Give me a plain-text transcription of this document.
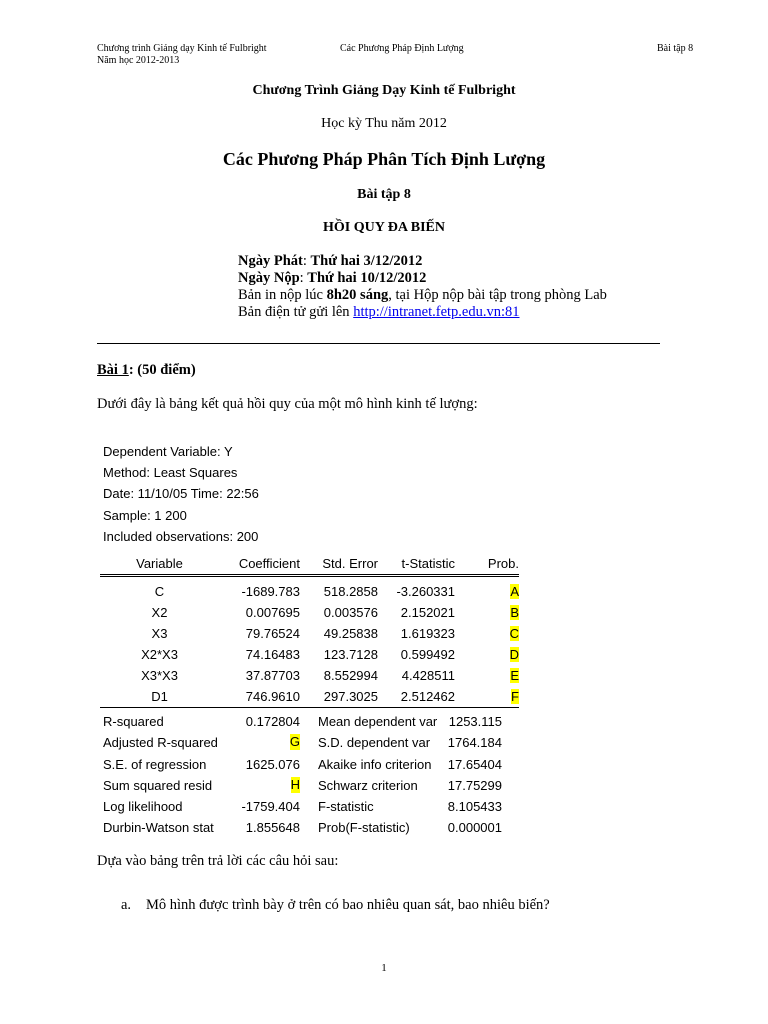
Chương trình Giảng dạy Kinh tế Fulbright
Năm học 2012-2013
Các Phương Pháp Định Lượng	Bài tập 8
Chương Trình Giảng Dạy Kinh tế Fulbright
Học kỳ Thu năm 2012
Các Phương Pháp Phân Tích Định Lượng
Bài tập 8
HỒI QUY ĐA BIẾN
Ngày Phát: Thứ hai 3/12/2012
Ngày Nộp: Thứ hai 10/12/2012
Bản in nộp lúc 8h20 sáng, tại Hộp nộp bài tập trong phòng Lab
Bản điện tử gửi lên http://intranet.fetp.edu.vn:81
Bài 1: (50 điểm)
Dưới đây là bảng kết quả hồi quy của một mô hình kinh tế lượng:
Dependent Variable: Y
Method: Least Squares
Date: 11/10/05 Time: 22:56
Sample: 1 200
Included observations: 200
Variable	Coefficient	Std. Error	t-Statistic	Prob.

C	-1689.783	518.2858	-3.260331	A
X2	0.007695	0.003576	2.152021	B
X3	79.76524	49.25838	1.619323	C
X2*X3	74.16483	123.7128	0.599492	D
X3*X3	37.87703	8.552994	4.428511	E
D1	746.9610	297.3025	2.512462	F
R-squared	0.172804 Mean dependent var 1253.115
Adjusted R-squared	G S.D. dependent var 1764.184
S.E. of regression	1625.076 Akaike info criterion 17.65404
Sum squared resid	H Schwarz criterion 17.75299
Log likelihood	-1759.404 F-statistic	8.105433
Durbin-Watson stat 1.855648 Prob(F-statistic)	0.000001
Dựa vào bảng trên trả lời các câu hỏi sau:
a. Mô hình được trình bày ở trên có bao nhiêu quan sát, bao nhiêu biến?
1
